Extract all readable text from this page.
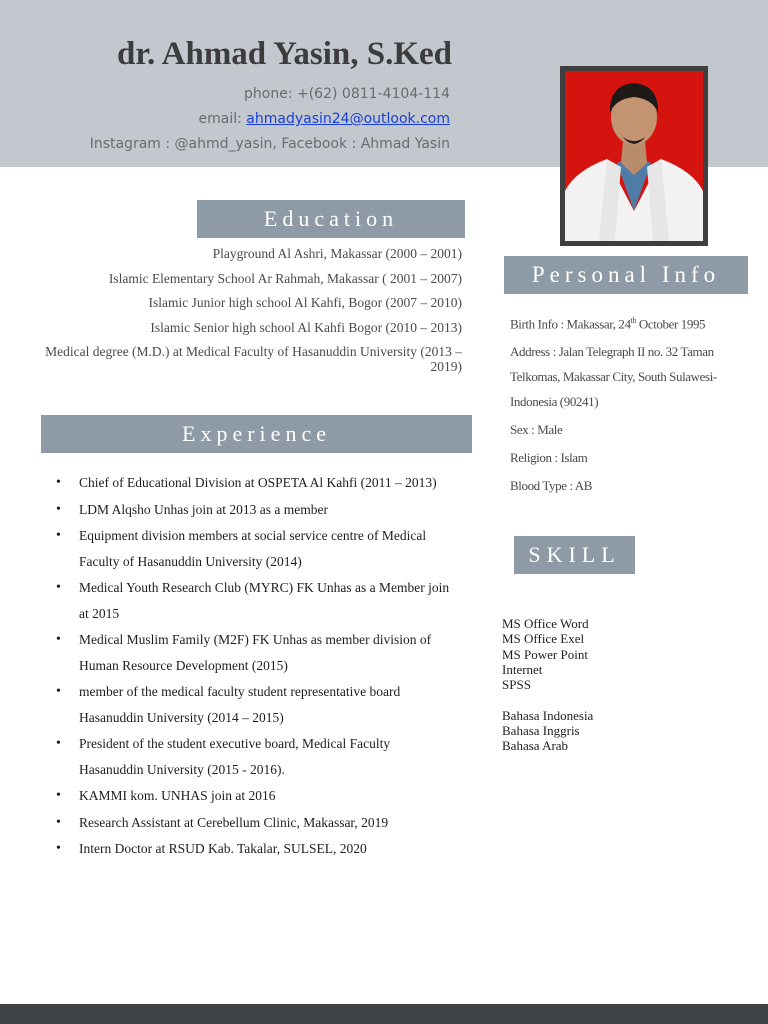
dr. Ahmad Yasin, S.Ked
phone: +(62) 0811-4104-114
email: ahmadyasin24@outlook.com
Instagram : @ahmd_yasin, Facebook : Ahmad Yasin
Education
Playground Al Ashri, Makassar (2000 – 2001)
Islamic Elementary School Ar Rahmah, Makassar ( 2001 – 2007)
Islamic Junior high school Al Kahfi, Bogor (2007 – 2010)
Islamic Senior high school Al Kahfi Bogor (2010 – 2013)
Medical degree (M.D.) at Medical Faculty of Hasanuddin University (2013 – 2019)
Experience
• Chief of Educational Division at OSPETA Al Kahfi (2011 – 2013)
• LDM Alqsho Unhas join at 2013 as a member
• Equipment division members at social service centre of Medical Faculty of Hasanuddin University (2014)
• Medical Youth Research Club (MYRC) FK Unhas as a Member join at 2015
• Medical Muslim Family (M2F) FK Unhas as member division of Human Resource Development (2015)
• member of the medical faculty student representative board Hasanuddin University (2014 – 2015)
• President of the student executive board, Medical Faculty Hasanuddin University (2015 - 2016).
• KAMMI kom. UNHAS join at 2016
• Research Assistant at Cerebellum Clinic, Makassar, 2019
• Intern Doctor at RSUD Kab. Takalar, SULSEL, 2020
Personal Info
Birth Info : Makassar, 24th October 1995
Address : Jalan Telegraph II no. 32 Taman Telkomas, Makassar City, South Sulawesi-Indonesia (90241)
Sex : Male
Religion : Islam
Blood Type : AB
SKILL
MS Office Word
MS Office Exel
MS Power Point
Internet
SPSS
Bahasa Indonesia
Bahasa Inggris
Bahasa Arab
